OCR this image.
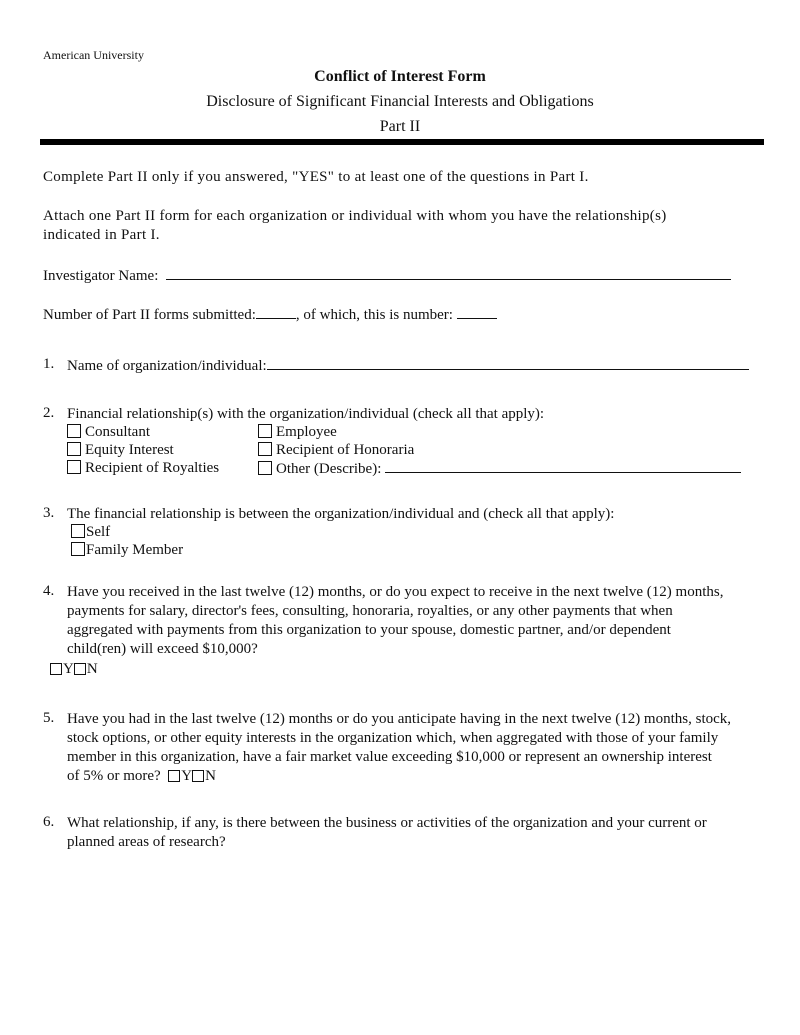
American University
Conflict of Interest Form
Disclosure of Significant Financial Interests and Obligations
Part II
Complete Part II only if you answered, "YES" to at least one of the questions in Part I.
Attach one Part II form for each organization or individual with whom you have the relationship(s)
indicated in Part I.
Investigator Name:
Number of Part II forms submitted:	, of which, this is number:
1. Name of organization/individual:
2. Financial relationship(s) with the organization/individual (check all that apply):
Consultant
Equity Interest
Recipient of Royalties
Employee
Recipient of Honoraria
Other (Describe):
3. The financial relationship is between the organization/individual and (check all that apply):
Self
Family Member
4. Have you received in the last twelve (12) months, or do you expect to receive in the next twelve (12) months,
payments for salary, director's fees, consulting, honoraria, royalties, or any other payments that when
aggregated with payments from this organization to your spouse, domestic partner, and/or dependent
child(ren) will exceed $10,000?
Y N
5. Have you had in the last twelve (12) months or do you anticipate having in the next twelve (12) months, stock,
stock options, or other equity interests in the organization which, when aggregated with those of your family
member in this organization, have a fair market value exceeding $10,000 or represent an ownership interest
of 5% or more? Y N
6. What relationship, if any, is there between the business or activities of the organization and your current or
planned areas of research?
